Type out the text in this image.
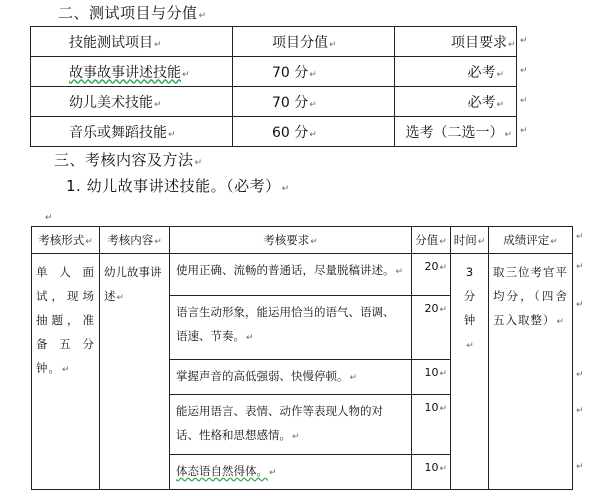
二、测试项目与分值↵
技能测试项目↵	项目分值↵	项目要求↵

故事故事讲述技能↵	70 分↵	必考↵

幼儿美术技能↵	70 分↵	必考↵

音乐或舞蹈技能↵	60 分↵	选考（二选一）↵
↵
↵
↵
↵
三、考核内容及方法↵
1. 幼儿故事讲述技能。（必考）↵
↵
考核形式↵	考核内容↵	考核要求↵	分值↵	时间↵	成绩评定↵

单人面试，现场抽题，准备五分钟。↵	幼儿故事讲述↵	使用正确、流畅的普通话，尽量脱稿讲述。↵	20↵	3分钟↵	取三位考官平均分，（四舍五入取整）↵

		语言生动形象，能运用恰当的语气、语调、语速、节奏。↵	20↵		

		掌握声音的高低强弱、快慢停顿。↵	10↵		

		能运用语言、表情、动作等表现人物的对话、性格和思想感情。↵	10↵		

		体态语自然得体。↵	10↵		
↵
↵
↵
↵
↵
↵
